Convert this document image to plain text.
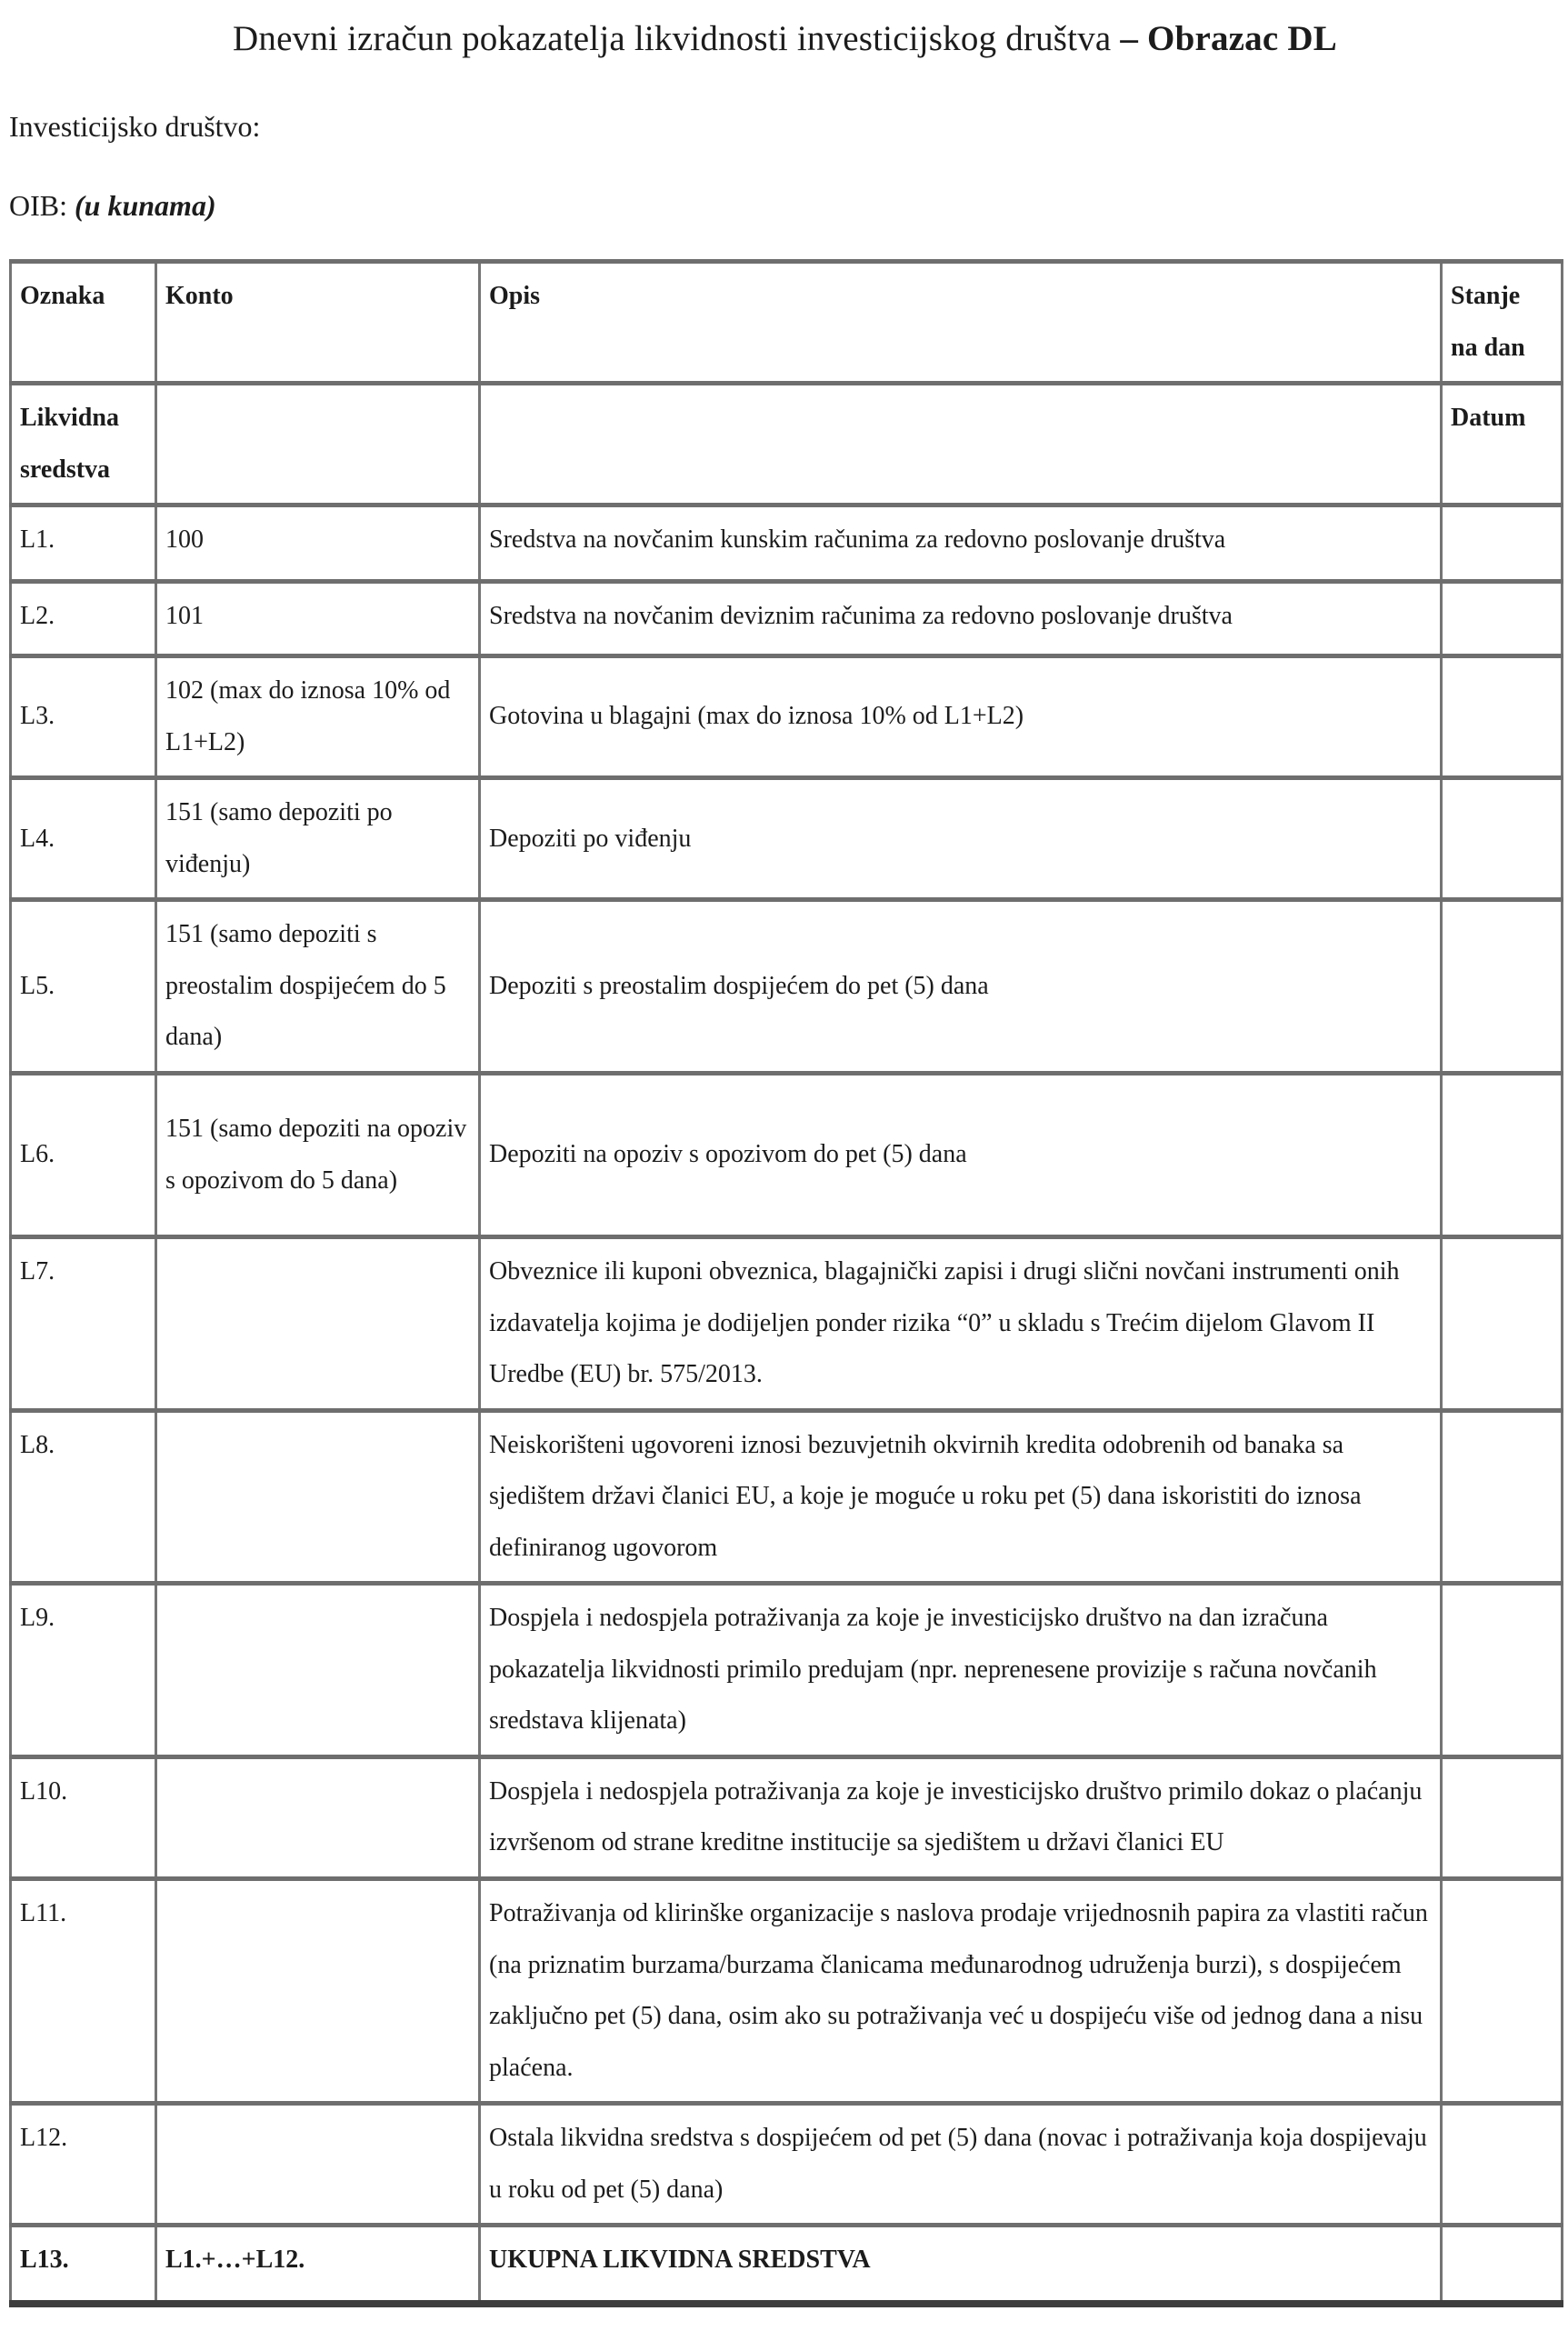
Dnevni izračun pokazatelja likvidnosti investicijskog društva – Obrazac DL

Investicijsko društvo:

OIB: (u kunama)

Oznaka	Konto	Opis	Stanje na dan
Likvidna sredstva			Datum
L1.	100	Sredstva na novčanim kunskim računima za redovno poslovanje društva	
L2.	101	Sredstva na novčanim deviznim računima za redovno poslovanje društva	
L3.	102 (max do iznosa 10% od L1+L2)	Gotovina u blagajni (max do iznosa 10% od L1+L2)	
L4.	151 (samo depoziti po viđenju)	Depoziti po viđenju	
L5.	151 (samo depoziti s preostalim dospijećem do 5 dana)	Depoziti s preostalim dospijećem do pet (5) dana	
L6.	151 (samo depoziti na opoziv s opozivom do 5 dana)	Depoziti na opoziv s opozivom do pet (5) dana	
L7.		Obveznice ili kuponi obveznica, blagajnički zapisi i drugi slični novčani instrumenti onih izdavatelja kojima je dodijeljen ponder rizika “0” u skladu s Trećim dijelom Glavom II Uredbe (EU) br. 575/2013.	
L8.		Neiskorišteni ugovoreni iznosi bezuvjetnih okvirnih kredita odobrenih od banaka sa sjedištem državi članici EU, a koje je moguće u roku pet (5) dana iskoristiti do iznosa definiranog ugovorom	
L9.		Dospjela i nedospjela potraživanja za koje je investicijsko društvo na dan izračuna pokazatelja likvidnosti primilo predujam (npr. neprenesene provizije s računa novčanih sredstava klijenata)	
L10.		Dospjela i nedospjela potraživanja za koje je investicijsko društvo primilo dokaz o plaćanju izvršenom od strane kreditne institucije sa sjedištem u državi članici EU	
L11.		Potraživanja od klirinške organizacije s naslova prodaje vrijednosnih papira za vlastiti račun (na priznatim burzama/burzama članicama međunarodnog udruženja burzi), s dospijećem zaključno pet (5) dana, osim ako su potraživanja već u dospijeću više od jednog dana a nisu plaćena.	
L12.		Ostala likvidna sredstva s dospijećem od pet (5) dana (novac i potraživanja koja dospijevaju u roku od pet (5) dana)	
L13.	L1.+…+L12.	UKUPNA LIKVIDNA SREDSTVA	
